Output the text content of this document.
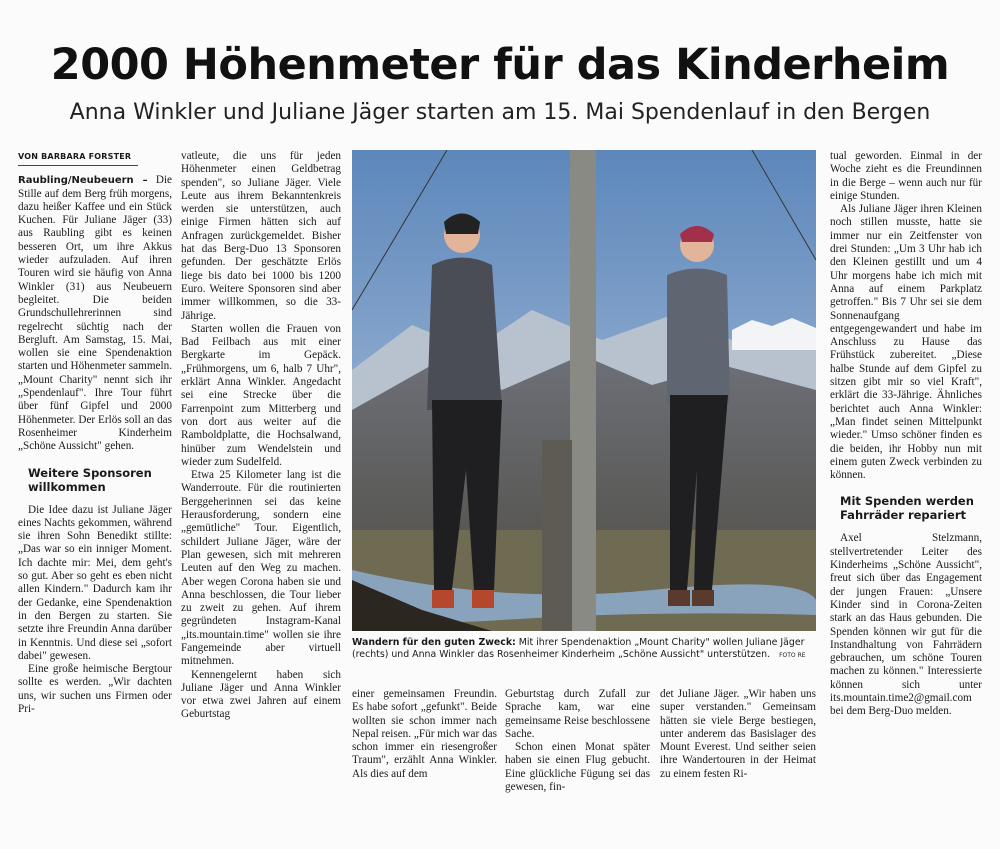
2000 Höhenmeter für das Kinderheim
Anna Winkler und Juliane Jäger starten am 15. Mai Spendenlauf in den Bergen
VON BARBARA FORSTER

Raubling/Neubeuern – Die Stille auf dem Berg früh morgens, dazu heißer Kaffee und ein Stück Kuchen. Für Juliane Jäger (33) aus Raubling gibt es keinen besseren Ort, um ihre Akkus wieder aufzuladen. Auf ihren Touren wird sie häufig von Anna Winkler (31) aus Neubeuern begleitet. Die beiden Grundschullehrerinnen sind regelrecht süchtig nach der Bergluft. Am Samstag, 15. Mai, wollen sie eine Spendenaktion starten und Höhenmeter sammeln. „Mount Charity" nennt sich ihr „Spendenlauf". Ihre Tour führt über fünf Gipfel und 2000 Höhenmeter. Der Erlös soll an das Rosenheimer Kinderheim „Schöne Aussicht" gehen.

Weitere Sponsoren willkommen

Die Idee dazu ist Juliane Jäger eines Nachts gekommen, während sie ihren Sohn Benedikt stillte: „Das war so ein inniger Moment. Ich dachte mir: Mei, dem geht's so gut. Aber so geht es eben nicht allen Kindern." Dadurch kam ihr der Gedanke, eine Spendenaktion in den Bergen zu starten. Sie setzte ihre Freundin Anna darüber in Kenntnis. Und diese sei „sofort dabei" gewesen.

Eine große heimische Bergtour sollte es werden. „Wir dachten uns, wir suchen uns Firmen oder Pri-

vatleute, die uns für jeden Höhenmeter einen Geldbetrag spenden", so Juliane Jäger. Viele Leute aus ihrem Bekanntenkreis werden sie unterstützen, auch einige Firmen hätten sich auf Anfragen zurückgemeldet. Bisher hat das Berg-Duo 13 Sponsoren gefunden. Der geschätzte Erlös liege bis dato bei 1000 bis 1200 Euro. Weitere Sponsoren sind aber immer willkommen, so die 33-Jährige.

Starten wollen die Frauen von Bad Feilbach aus mit einer Bergkarte im Gepäck. „Frühmorgens, um 6, halb 7 Uhr", erklärt Anna Winkler. Angedacht sei eine Strecke über die Farrenpoint zum Mitterberg und von dort aus weiter auf die Ramboldplatte, die Hochsalwand, hinüber zum Wendelstein und wieder zum Sudelfeld.

Etwa 25 Kilometer lang ist die Wanderroute. Für die routinierten Berggeherinnen sei das keine Herausforderung, sondern eine „gemütliche" Tour. Eigentlich, schildert Juliane Jäger, wäre der Plan gewesen, sich mit mehreren Leuten auf den Weg zu machen. Aber wegen Corona haben sie und Anna beschlossen, die Tour lieber zu zweit zu gehen. Auf ihrem gegründeten Instagram-Kanal „its.mountain.time" wollen sie ihre Fangemeinde aber virtuell mitnehmen.

Kennengelernt haben sich Juliane Jäger und Anna Winkler vor etwa zwei Jahren auf einem Geburtstag

Wandern für den guten Zweck: Mit ihrer Spendenaktion „Mount Charity" wollen Juliane Jäger (rechts) und Anna Winkler das Rosenheimer Kinderheim „Schöne Aussicht" unterstützen. FOTO RE

einer gemeinsamen Freundin. Es habe sofort „gefunkt". Beide wollten sie schon immer nach Nepal reisen. „Für mich war das schon immer ein riesengroßer Traum", erzählt Anna Winkler. Als dies auf dem

Geburtstag durch Zufall zur Sprache kam, war eine gemeinsame Reise beschlossene Sache.

Schon einen Monat später haben sie einen Flug gebucht. Eine glückliche Fügung sei das gewesen, fin-

det Juliane Jäger. „Wir haben uns super verstanden." Gemeinsam hätten sie viele Berge bestiegen, unter anderem das Basislager des Mount Everest. Und seither seien ihre Wandertouren in der Heimat zu einem festen Ri-

tual geworden. Einmal in der Woche zieht es die Freundinnen in die Berge – wenn auch nur für einige Stunden.

Als Juliane Jäger ihren Kleinen noch stillen musste, hatte sie immer nur ein Zeitfenster von drei Stunden: „Um 3 Uhr hab ich den Kleinen gestillt und um 4 Uhr morgens habe ich mich mit Anna auf einem Parkplatz getroffen." Bis 7 Uhr sei sie dem Sonnenaufgang entgegengewandert und habe im Anschluss zu Hause das Frühstück zubereitet. „Diese halbe Stunde auf dem Gipfel zu sitzen gibt mir so viel Kraft", erklärt die 33-Jährige. Ähnliches berichtet auch Anna Winkler: „Man findet seinen Mittelpunkt wieder." Umso schöner finden es die beiden, ihr Hobby nun mit einem guten Zweck verbinden zu können.

Mit Spenden werden Fahrräder repariert

Axel Stelzmann, stellvertretender Leiter des Kinderheims „Schöne Aussicht", freut sich über das Engagement der jungen Frauen: „Unsere Kinder sind in Corona-Zeiten stark an das Haus gebunden. Die Spenden können wir gut für die Instandhaltung von Fahrrädern gebrauchen, um schöne Touren machen zu können." Interessierte können sich unter its.mountain.time2@gmail.com bei dem Berg-Duo melden.
